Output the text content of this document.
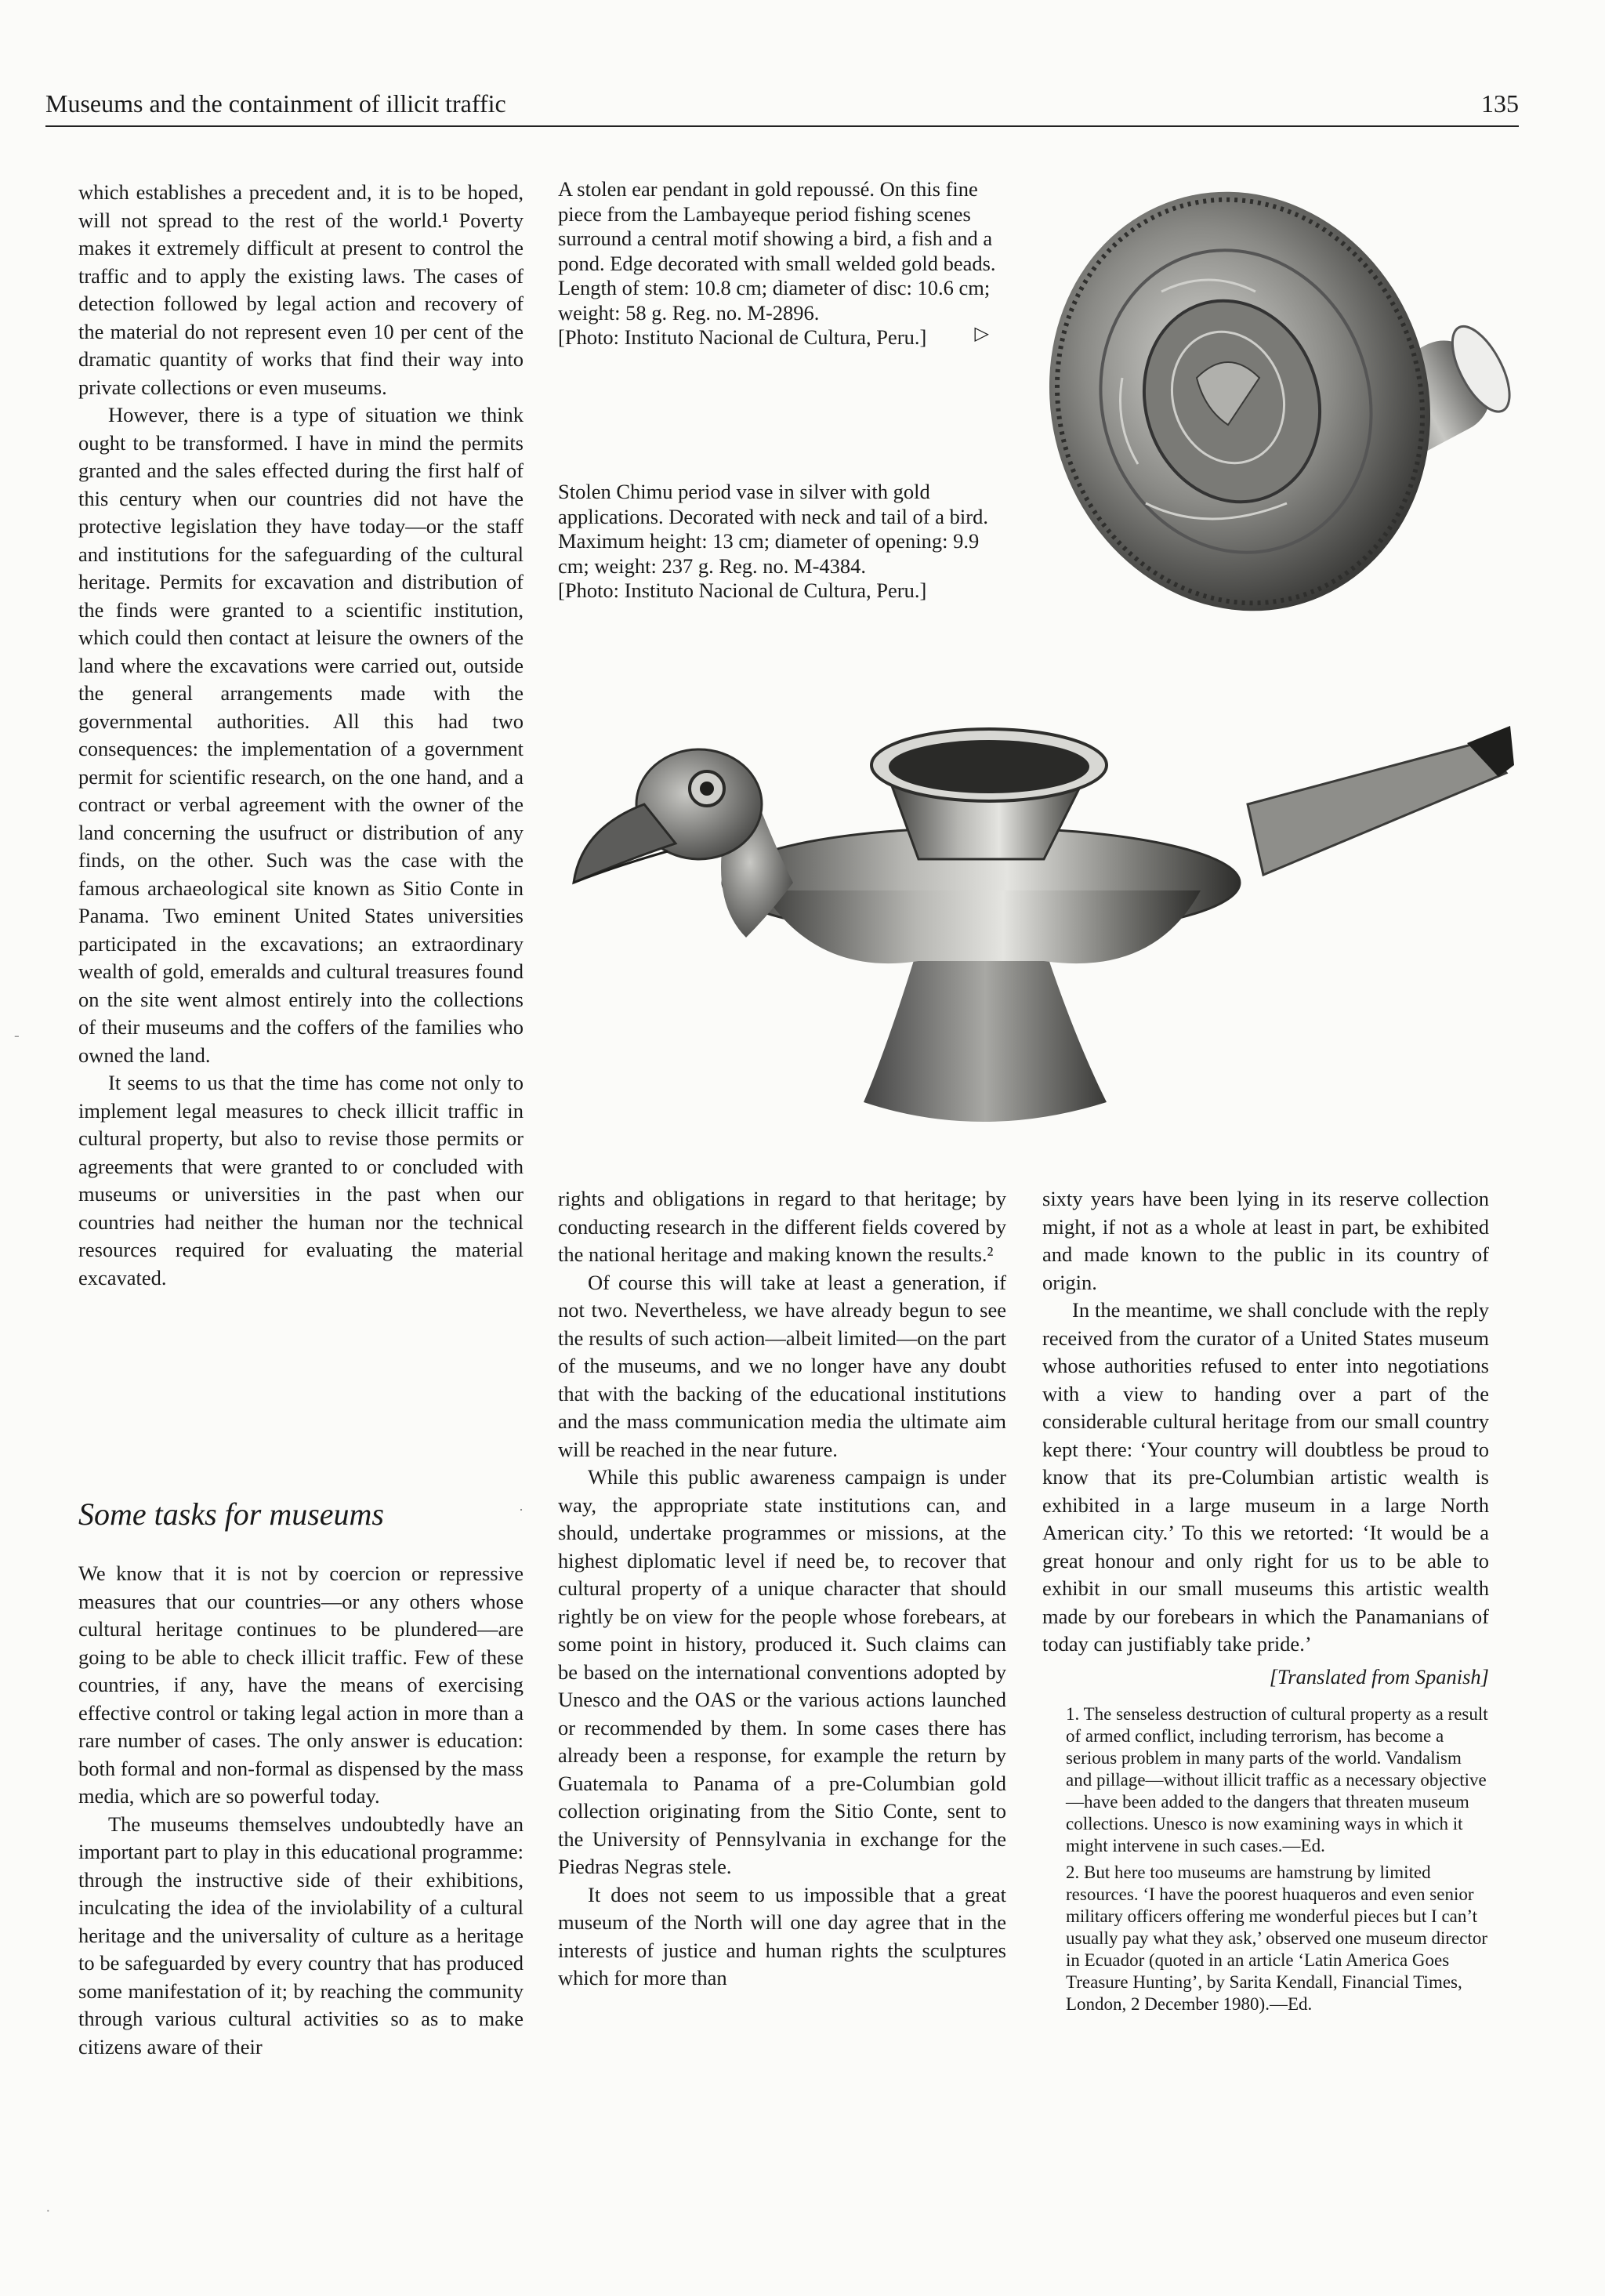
Museums and the containment of illicit traffic	135

which establishes a precedent and, it is to be hoped, will not spread to the rest of the world.¹ Poverty makes it extremely difficult at present to control the traffic and to apply the existing laws. The cases of detection followed by legal action and recovery of the material do not represent even 10 per cent of the dramatic quantity of works that find their way into private collections or even museums.

However, there is a type of situation we think ought to be transformed. I have in mind the permits granted and the sales effected during the first half of this century when our countries did not have the protective legislation they have today—or the staff and institutions for the safeguarding of the cultural heritage. Permits for excavation and distribution of the finds were granted to a scientific institution, which could then contact at leisure the owners of the land where the excavations were carried out, outside the general arrangements made with the governmental authorities. All this had two consequences: the implementation of a government permit for scientific research, on the one hand, and a contract or verbal agreement with the owner of the land concerning the usufruct or distribution of any finds, on the other. Such was the case with the famous archaeological site known as Sitio Conte in Panama. Two eminent United States universities participated in the excavations; an extraordinary wealth of gold, emeralds and cultural treasures found on the site went almost entirely into the collections of their museums and the coffers of the families who owned the land.

It seems to us that the time has come not only to implement legal measures to check illicit traffic in cultural property, but also to revise those permits or agreements that were granted to or concluded with museums or universities in the past when our countries had neither the human nor the technical resources required for evaluating the material excavated.

Some tasks for museums	·

We know that it is not by coercion or repressive measures that our countries—or any others whose cultural heritage continues to be plundered—are going to be able to check illicit traffic. Few of these countries, if any, have the means of exercising effective control or taking legal action in more than a rare number of cases. The only answer is education: both formal and non-formal as dispensed by the mass media, which are so powerful today.

The museums themselves undoubtedly have an important part to play in this educational programme: through the instructive side of their exhibitions, inculcating the idea of the inviolability of a cultural heritage and the universality of culture as a heritage to be safeguarded by every country that has produced some manifestation of it; by reaching the community through various cultural activities so as to make citizens aware of their

A stolen ear pendant in gold repoussé. On this fine piece from the Lambayeque period fishing scenes surround a central motif showing a bird, a fish and a pond. Edge decorated with small welded gold beads. Length of stem: 10.8 cm; diameter of disc: 10.6 cm; weight: 58 g. Reg. no. M-2896.

[Photo: Instituto Nacional de Cultura, Peru.]	▷

Stolen Chimu period vase in silver with gold applications. Decorated with neck and tail of a bird. Maximum height: 13 cm; diameter of opening: 9.9 cm; weight: 237 g. Reg. no. M-4384.

[Photo: Instituto Nacional de Cultura, Peru.]

rights and obligations in regard to that heritage; by conducting research in the different fields covered by the national heritage and making known the results.²

Of course this will take at least a generation, if not two. Nevertheless, we have already begun to see the results of such action—albeit limited—on the part of the museums, and we no longer have any doubt that with the backing of the educational institutions and the mass communication media the ultimate aim will be reached in the near future.

While this public awareness campaign is under way, the appropriate state institutions can, and should, undertake programmes or missions, at the highest diplomatic level if need be, to recover that cultural property of a unique character that should rightly be on view for the people whose forebears, at some point in history, produced it. Such claims can be based on the international conventions adopted by Unesco and the OAS or the various actions launched or recommended by them. In some cases there has already been a response, for example the return by Guatemala to Panama of a pre-Columbian gold collection originating from the Sitio Conte, sent to the University of Pennsylvania in exchange for the Piedras Negras stele.

It does not seem to us impossible that a great museum of the North will one day agree that in the interests of justice and human rights the sculptures which for more than

sixty years have been lying in its reserve collection might, if not as a whole at least in part, be exhibited and made known to the public in its country of origin.

In the meantime, we shall conclude with the reply received from the curator of a United States museum whose authorities refused to enter into negotiations with a view to handing over a part of the considerable cultural heritage from our small country kept there: ‘Your country will doubtless be proud to know that its pre-Columbian artistic wealth is exhibited in a large museum in a large North American city.’ To this we retorted: ‘It would be a great honour and only right for us to be able to exhibit in our small museums this artistic wealth made by our forebears in which the Panamanians of today can justifiably take pride.’

[Translated from Spanish]

1. The senseless destruction of cultural property as a result of armed conflict, including terrorism, has become a serious problem in many parts of the world. Vandalism and pillage—without illicit traffic as a necessary objective—have been added to the dangers that threaten museum collections. Unesco is now examining ways in which it might intervene in such cases.—Ed.

2. But here too museums are hamstrung by limited resources. ‘I have the poorest huaqueros and even senior military officers offering me wonderful pieces but I can’t usually pay what they ask,’ observed one museum director in Ecuador (quoted in an article ‘Latin America Goes Treasure Hunting’, by Sarita Kendall, Financial Times, London, 2 December 1980).—Ed.

-
·
